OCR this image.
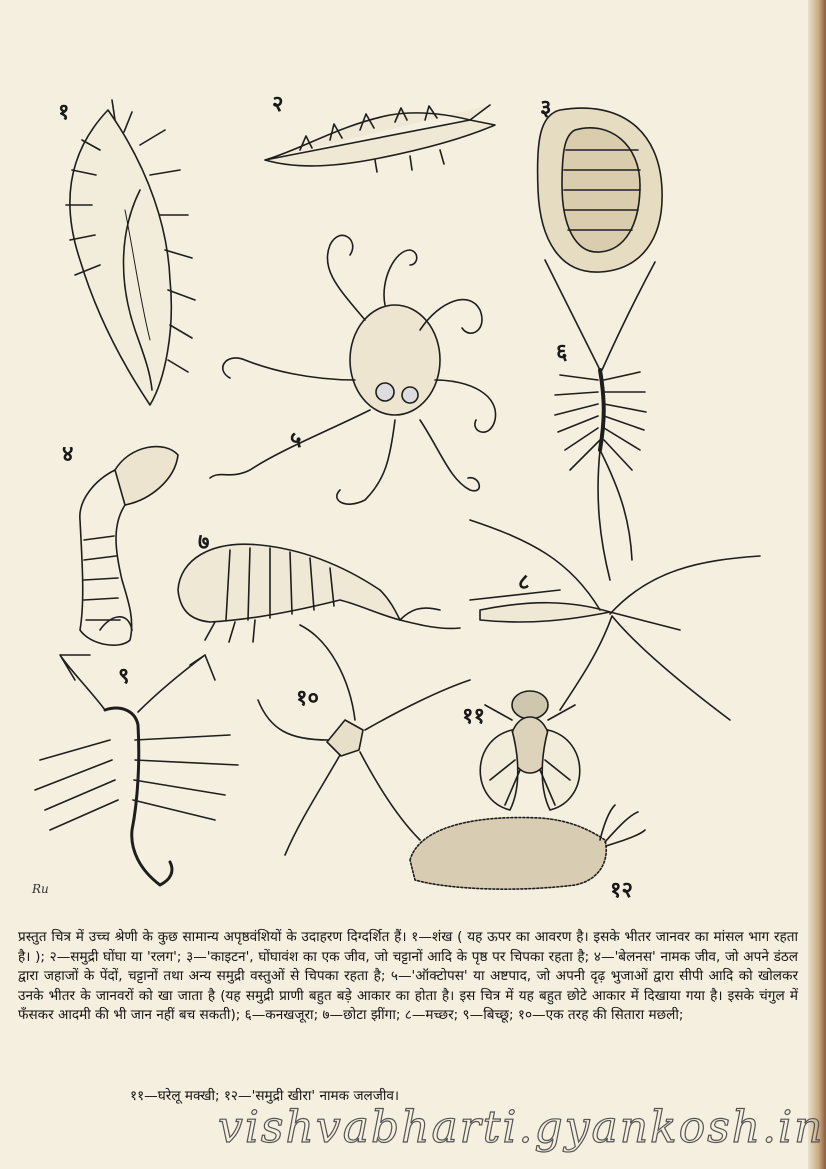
१	२	३
४
५
६
७
८
९
१०
११
१२
Ru

प्रस्तुत चित्र में उच्च श्रेणी के कुछ सामान्य अपृष्ठवंशियों के उदाहरण दिग्दर्शित हैं। १—शंख ( यह ऊपर का आवरण है। इसके भीतर जानवर का मांसल भाग रहता है। ); २—समुद्री घोंघा या 'रलग'; ३—'काइटन', घोंघावंश का एक जीव, जो चट्टानों आदि के पृष्ठ पर चिपका रहता है; ४—'बेलनस' नामक जीव, जो अपने डंठल द्वारा जहाजों के पेंदों, चट्टानों तथा अन्य समुद्री वस्तुओं से चिपका रहता है; ५—'ऑक्टोपस' या अष्टपाद, जो अपनी दृढ़ भुजाओं द्वारा सीपी आदि को खोलकर उनके भीतर के जानवरों को खा जाता है (यह समुद्री प्राणी बहुत बड़े आकार का होता है। इस चित्र में यह बहुत छोटे आकार में दिखाया गया है। इसके चंगुल में फँसकर आदमी की भी जान नहीं बच सकती); ६—कनखजूरा; ७—छोटा झींगा; ८—मच्छर; ९—बिच्छू; १०—एक तरह की सितारा मछली;

११—घरेलू मक्खी; १२—'समुद्री खीरा' नामक जलजीव।
vishvabharti.gyankosh.in
